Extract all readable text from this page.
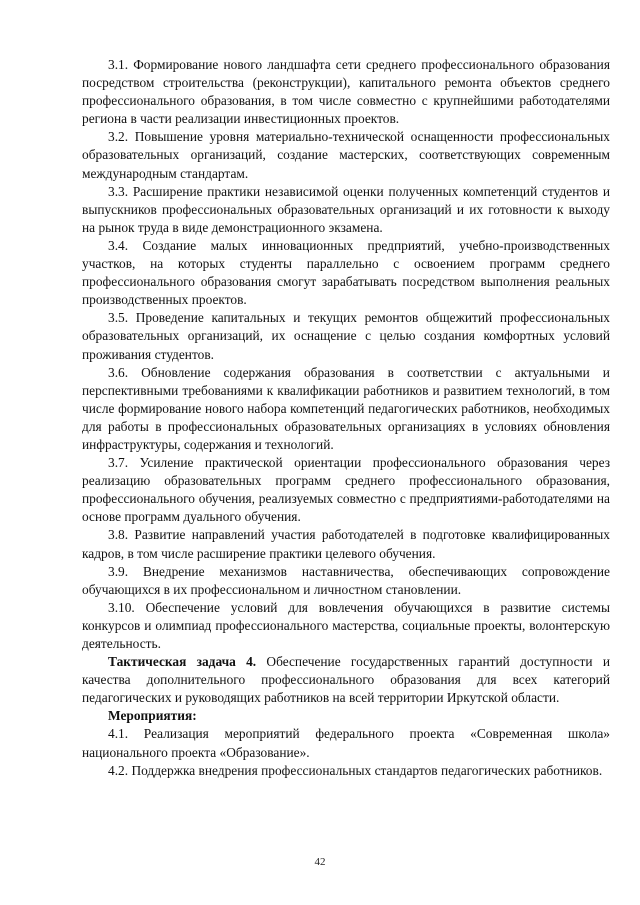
3.1. Формирование нового ландшафта сети среднего профессионального образования посредством строительства (реконструкции), капитального ремонта объектов среднего профессионального образования, в том числе совместно с крупнейшими работодателями региона в части реализации инвестиционных проектов.

3.2. Повышение уровня материально-технической оснащенности профессиональных образовательных организаций, создание мастерских, соответствующих современным международным стандартам.

3.3. Расширение практики независимой оценки полученных компетенций студентов и выпускников профессиональных образовательных организаций и их готовности к выходу на рынок труда в виде демонстрационного экзамена.

3.4. Создание малых инновационных предприятий, учебно-производственных участков, на которых студенты параллельно с освоением программ среднего профессионального образования смогут зарабатывать посредством выполнения реальных производственных проектов.

3.5. Проведение капитальных и текущих ремонтов общежитий профессиональных образовательных организаций, их оснащение с целью создания комфортных условий проживания студентов.

3.6. Обновление содержания образования в соответствии с актуальными и перспективными требованиями к квалификации работников и развитием технологий, в том числе формирование нового набора компетенций педагогических работников, необходимых для работы в профессиональных образовательных организациях в условиях обновления инфраструктуры, содержания и технологий.

3.7. Усиление практической ориентации профессионального образования через реализацию образовательных программ среднего профессионального образования, профессионального обучения, реализуемых совместно с предприятиями-работодателями на основе программ дуального обучения.

3.8. Развитие направлений участия работодателей в подготовке квалифицированных кадров, в том числе расширение практики целевого обучения.

3.9. Внедрение механизмов наставничества, обеспечивающих сопровождение обучающихся в их профессиональном и личностном становлении.

3.10. Обеспечение условий для вовлечения обучающихся в развитие системы конкурсов и олимпиад профессионального мастерства, социальные проекты, волонтерскую деятельность.

Тактическая задача 4. Обеспечение государственных гарантий доступности и качества дополнительного профессионального образования для всех категорий педагогических и руководящих работников на всей территории Иркутской области.

Мероприятия:

4.1. Реализация мероприятий федерального проекта «Современная школа» национального проекта «Образование».

4.2. Поддержка внедрения профессиональных стандартов педагогических работников.

42
